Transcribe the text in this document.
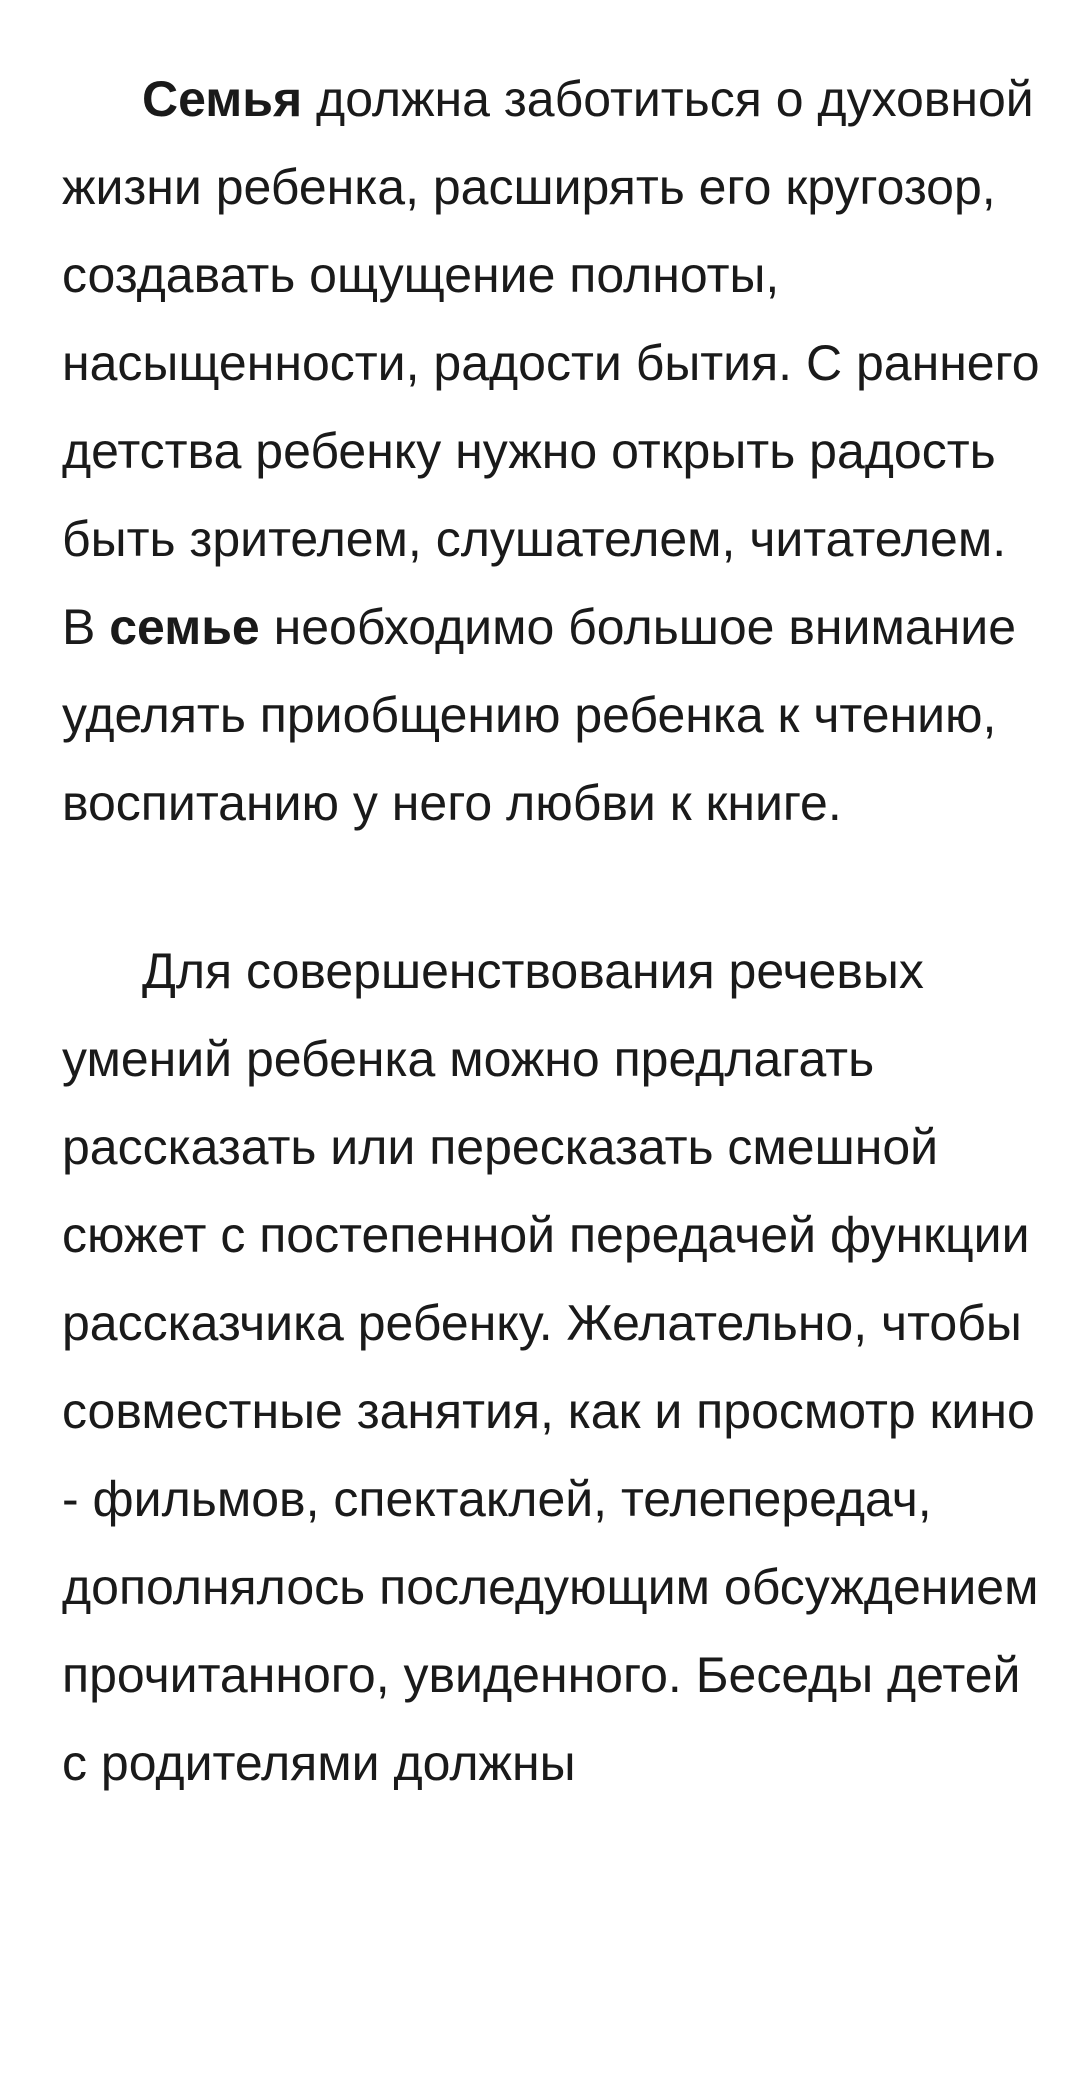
Семья должна заботиться о духовной жизни ребенка, расширять его кругозор, создавать ощущение полноты, насыщенности, радости бытия. С раннего детства ребенку нужно открыть радость быть зрителем, слушателем, читателем. В семье необходимо большое внимание уделять приобщению ребенка к чтению, воспитанию у него любви к книге.

Для совершенствования речевых умений ребенка можно предлагать рассказать или пересказать смешной сюжет с постепенной передачей функции рассказчика ребенку. Желательно, чтобы совместные занятия, как и просмотр кино - фильмов, спектаклей, телепередач, дополнялось последующим обсуждением прочитанного, увиденного. Беседы детей с родителями должны
